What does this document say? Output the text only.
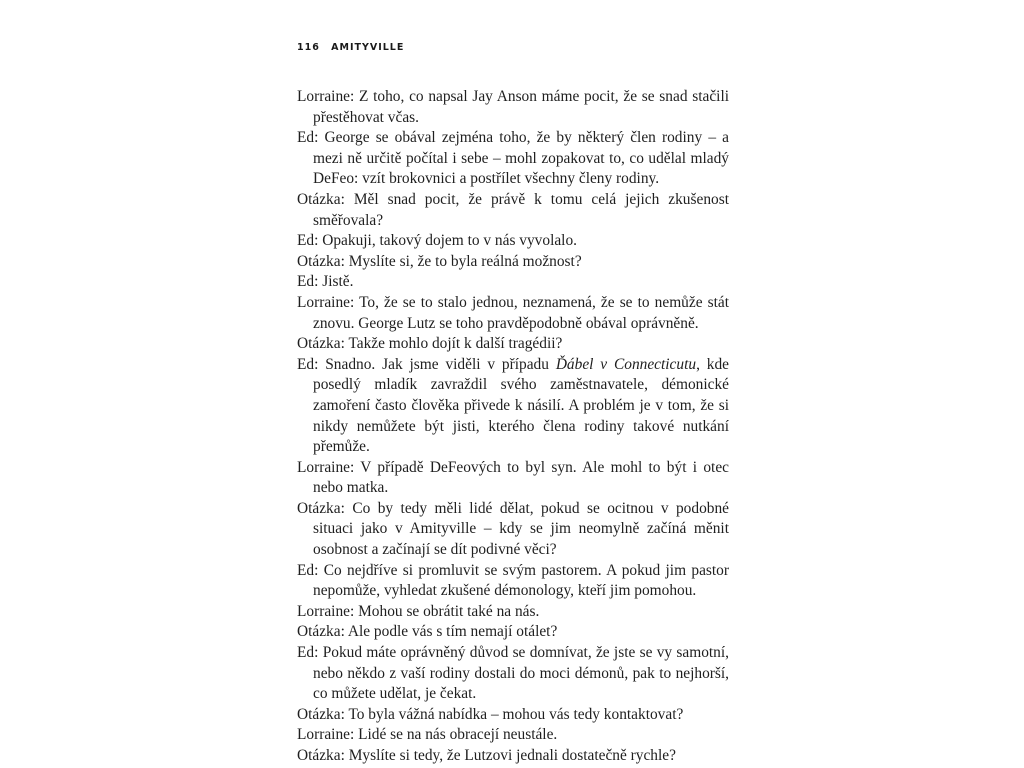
116 AMITYVILLE

Lorraine: Z toho, co napsal Jay Anson máme pocit, že se snad stačili přestěhovat včas.

Ed: George se obával zejména toho, že by některý člen rodiny – a mezi ně určitě počítal i sebe – mohl zopakovat to, co udělal mladý DeFeo: vzít brokovnici a postřílet všechny členy rodiny.

Otázka: Měl snad pocit, že právě k tomu celá jejich zkušenost směřovala?

Ed: Opakuji, takový dojem to v nás vyvolalo.

Otázka: Myslíte si, že to byla reálná možnost?

Ed: Jistě.

Lorraine: To, že se to stalo jednou, neznamená, že se to nemůže stát znovu. George Lutz se toho pravděpodobně obával oprávněně.

Otázka: Takže mohlo dojít k další tragédii?

Ed: Snadno. Jak jsme viděli v případu Ďábel v Connecticutu, kde posedlý mladík zavraždil svého zaměstnavatele, démonické zamoření často člověka přivede k násilí. A problém je v tom, že si nikdy nemůžete být jisti, kterého člena rodiny takové nutkání přemůže.

Lorraine: V případě DeFeových to byl syn. Ale mohl to být i otec nebo matka.

Otázka: Co by tedy měli lidé dělat, pokud se ocitnou v podobné situaci jako v Amityville – kdy se jim neomylně začíná měnit osobnost a začínají se dít podivné věci?

Ed: Co nejdříve si promluvit se svým pastorem. A pokud jim pastor nepomůže, vyhledat zkušené démonology, kteří jim pomohou.

Lorraine: Mohou se obrátit také na nás.

Otázka: Ale podle vás s tím nemají otálet?

Ed: Pokud máte oprávněný důvod se domnívat, že jste se vy samotní, nebo někdo z vaší rodiny dostali do moci démonů, pak to nejhorší, co můžete udělat, je čekat.

Otázka: To byla vážná nabídka – mohou vás tedy kontaktovat?

Lorraine: Lidé se na nás obracejí neustále.

Otázka: Myslíte si tedy, že Lutzovi jednali dostatečně rychle?
